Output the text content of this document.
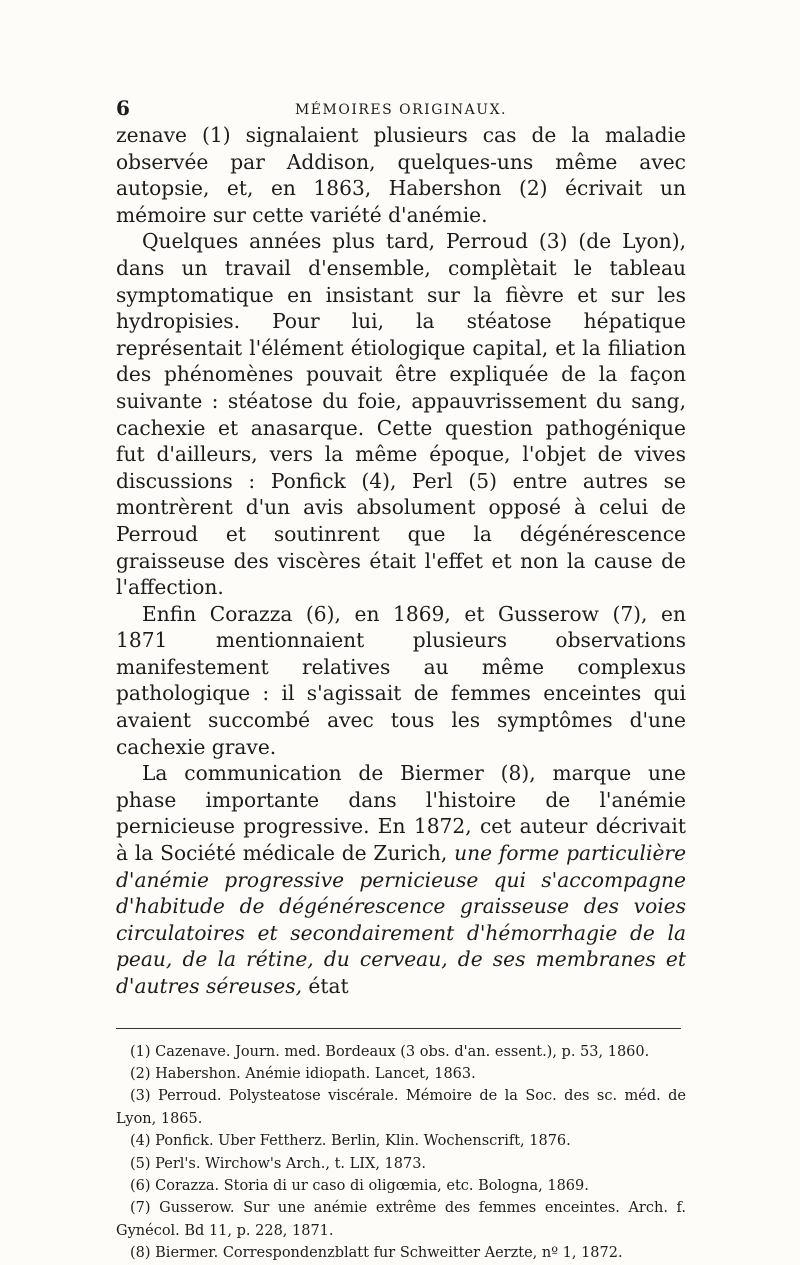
6	MÉMOIRES ORIGINAUX.

zenave (1) signalaient plusieurs cas de la maladie observée par Addison, quelques-uns même avec autopsie, et, en 1863, Habershon (2) écrivait un mémoire sur cette variété d'anémie.

Quelques années plus tard, Perroud (3) (de Lyon), dans un travail d'ensemble, complètait le tableau symptomatique en insistant sur la fièvre et sur les hydropisies. Pour lui, la stéatose hépatique représentait l'élément étiologique capital, et la filiation des phénomènes pouvait être expliquée de la façon suivante : stéatose du foie, appauvrissement du sang, cachexie et anasarque. Cette question pathogénique fut d'ailleurs, vers la même époque, l'objet de vives discussions : Ponfick (4), Perl (5) entre autres se montrèrent d'un avis absolument opposé à celui de Perroud et soutinrent que la dégénérescence graisseuse des viscères était l'effet et non la cause de l'affection.

Enfin Corazza (6), en 1869, et Gusserow (7), en 1871 mentionnaient plusieurs observations manifestement relatives au même complexus pathologique : il s'agissait de femmes enceintes qui avaient succombé avec tous les symptômes d'une cachexie grave.

La communication de Biermer (8), marque une phase importante dans l'histoire de l'anémie pernicieuse progressive. En 1872, cet auteur décrivait à la Société médicale de Zurich, une forme particulière d'anémie progressive pernicieuse qui s'accompagne d'habitude de dégénérescence graisseuse des voies circulatoires et secondairement d'hémorrhagie de la peau, de la rétine, du cerveau, de ses membranes et d'autres séreuses, état

(1) Cazenave. Journ. med. Bordeaux (3 obs. d'an. essent.), p. 53, 1860.

(2) Habershon. Anémie idiopath. Lancet, 1863.

(3) Perroud. Polysteatose viscérale. Mémoire de la Soc. des sc. méd. de Lyon, 1865.

(4) Ponfick. Uber Fettherz. Berlin, Klin. Wochenscrift, 1876.

(5) Perl's. Wirchow's Arch., t. LIX, 1873.

(6) Corazza. Storia di ur caso di oligœmia, etc. Bologna, 1869.

(7) Gusserow. Sur une anémie extrême des femmes enceintes. Arch. f. Gynécol. Bd 11, p. 228, 1871.

(8) Biermer. Correspondenzblatt fur Schweitter Aerzte, nº 1, 1872.
